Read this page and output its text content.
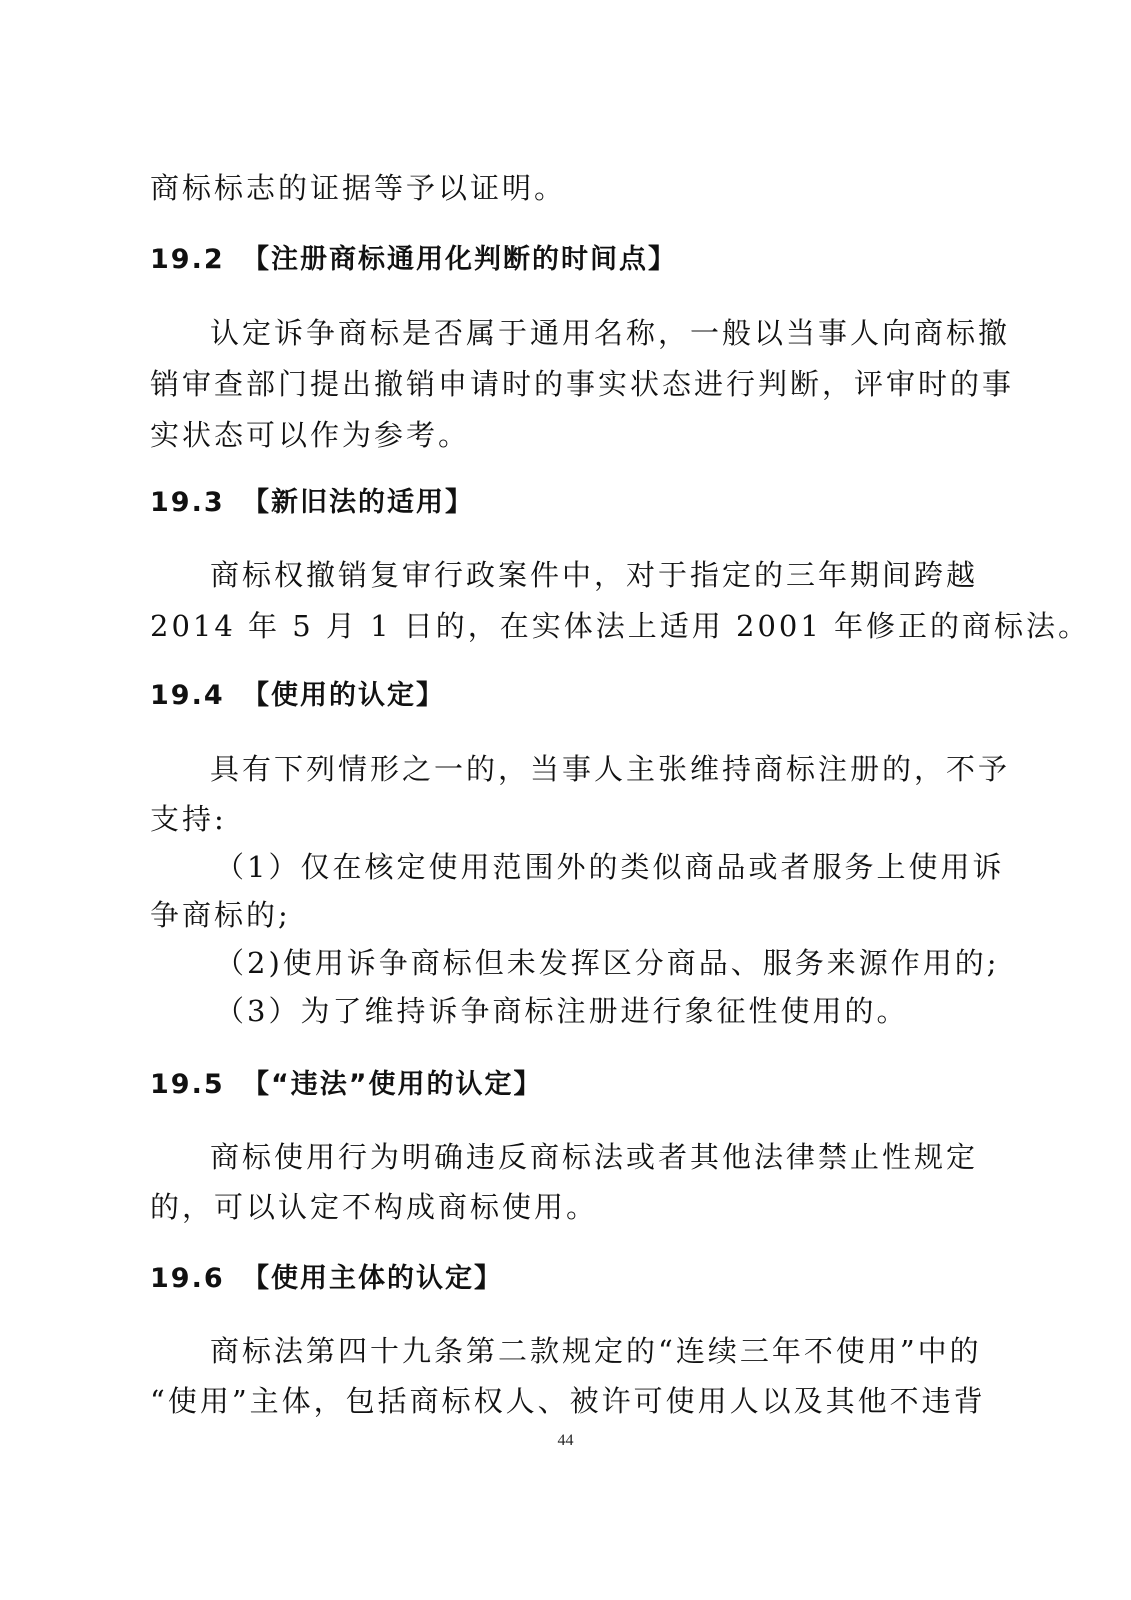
商标标志的证据等予以证明。
19.2 【注册商标通用化判断的时间点】
认定诉争商标是否属于通用名称，一般以当事人向商标撤
销审查部门提出撤销申请时的事实状态进行判断，评审时的事
实状态可以作为参考。
19.3 【新旧法的适用】
商标权撤销复审行政案件中，对于指定的三年期间跨越
2014 年 5 月 1 日的，在实体法上适用 2001 年修正的商标法。
19.4 【使用的认定】
具有下列情形之一的，当事人主张维持商标注册的，不予
支持:
（1）仅在核定使用范围外的类似商品或者服务上使用诉
争商标的;
（2)使用诉争商标但未发挥区分商品、服务来源作用的;
（3）为了维持诉争商标注册进行象征性使用的。
19.5 【“违法”使用的认定】
商标使用行为明确违反商标法或者其他法律禁止性规定
的，可以认定不构成商标使用。
19.6 【使用主体的认定】
商标法第四十九条第二款规定的“连续三年不使用”中的
“使用”主体，包括商标权人、被许可使用人以及其他不违背
44
